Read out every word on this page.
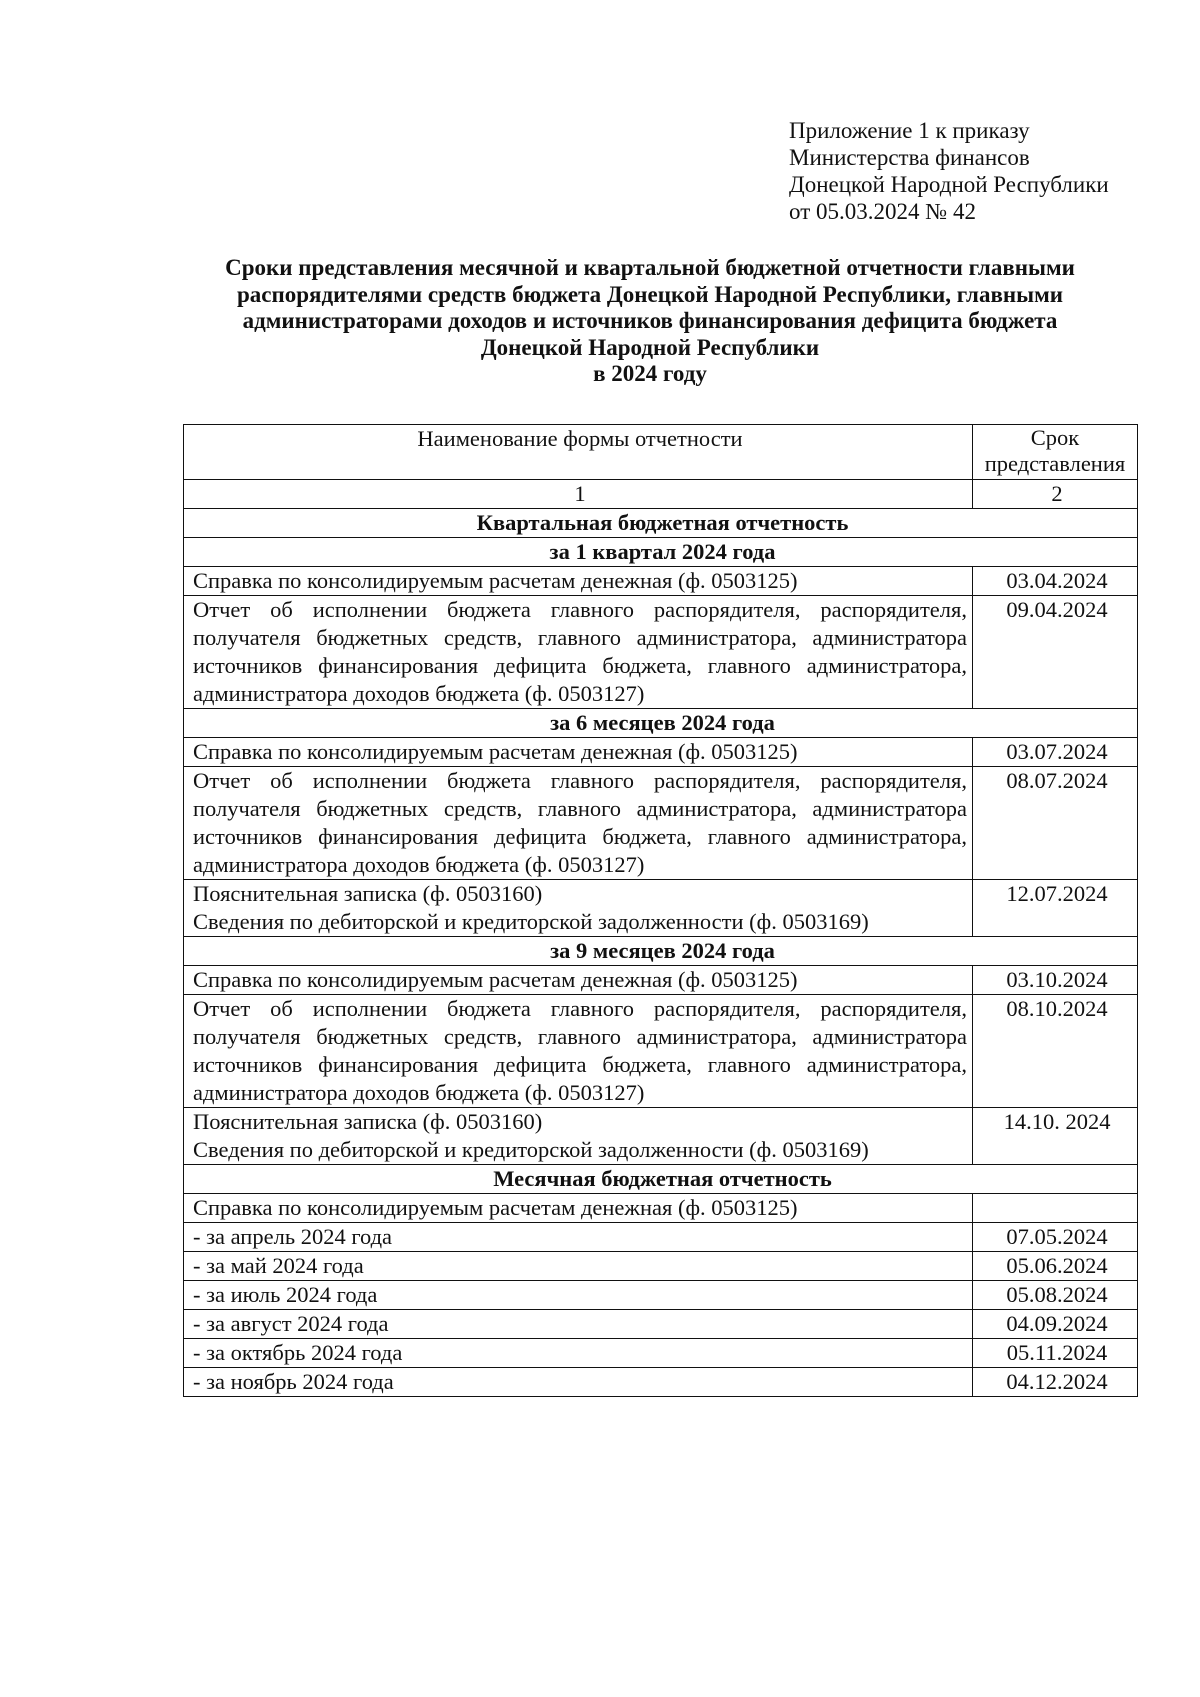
Приложение 1 к приказу
Министерства финансов
Донецкой Народной Республики
от 05.03.2024 № 42
Сроки представления месячной и квартальной бюджетной отчетности главными
распорядителями средств бюджета Донецкой Народной Республики, главными
администраторами доходов и источников финансирования дефицита бюджета
Донецкой Народной Республики
в 2024 году
Наименование формы отчетности	Срок
представления

1	2
Квартальная бюджетная отчетность	
за 1 квартал 2024 года	
Справка по консолидируемым расчетам денежная (ф. 0503125)	03.04.2024
Отчет об исполнении бюджета главного распорядителя, распорядителя, получателя бюджетных средств, главного администратора, администратора источников финансирования дефицита бюджета, главного администратора, администратора доходов бюджета (ф. 0503127)	09.04.2024
за 6 месяцев 2024 года	
Справка по консолидируемым расчетам денежная (ф. 0503125)	03.07.2024
Отчет об исполнении бюджета главного распорядителя, распорядителя, получателя бюджетных средств, главного администратора, администратора источников финансирования дефицита бюджета, главного администратора, администратора доходов бюджета (ф. 0503127)	08.07.2024

Пояснительная записка (ф. 0503160)
Сведения по дебиторской и кредиторской задолженности (ф. 0503169)	12.07.2024
за 9 месяцев 2024 года	
Справка по консолидируемым расчетам денежная (ф. 0503125)	03.10.2024
Отчет об исполнении бюджета главного распорядителя, распорядителя, получателя бюджетных средств, главного администратора, администратора источников финансирования дефицита бюджета, главного администратора, администратора доходов бюджета (ф. 0503127)	08.10.2024

Пояснительная записка (ф. 0503160)
Сведения по дебиторской и кредиторской задолженности (ф. 0503169)	14.10. 2024
Месячная бюджетная отчетность	
Справка по консолидируемым расчетам денежная (ф. 0503125)	
- за апрель 2024 года	07.05.2024
- за май 2024 года	05.06.2024
- за июль 2024 года	05.08.2024
- за август 2024 года	04.09.2024
- за октябрь 2024 года	05.11.2024
- за ноябрь 2024 года	04.12.2024
